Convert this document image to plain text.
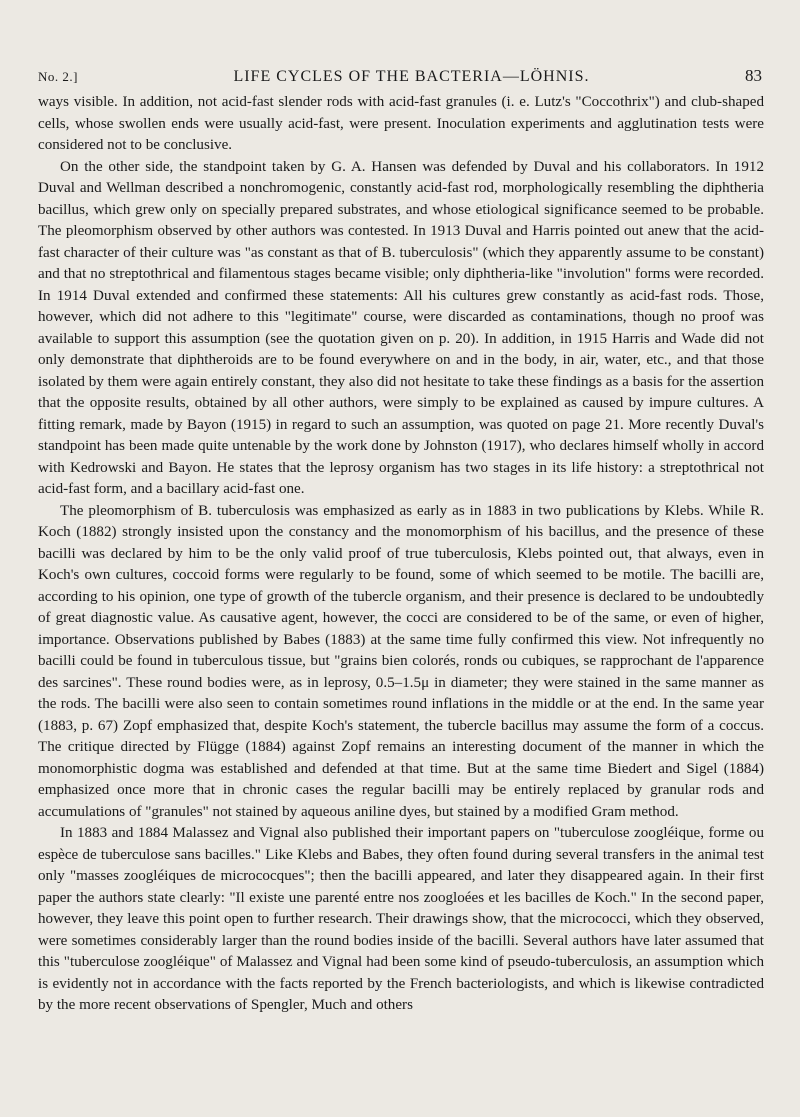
No. 2.]	LIFE CYCLES OF THE BACTERIA—LÖHNIS.	83

ways visible. In addition, not acid-fast slender rods with acid-fast granules (i. e. Lutz's "Coccothrix") and club-shaped cells, whose swollen ends were usually acid-fast, were present. Inoculation experiments and agglutination tests were considered not to be conclusive.

On the other side, the standpoint taken by G. A. Hansen was defended by Duval and his collaborators. In 1912 Duval and Wellman described a nonchromogenic, constantly acid-fast rod, morphologically resembling the diphtheria bacillus, which grew only on specially prepared substrates, and whose etiological significance seemed to be probable. The pleomorphism observed by other authors was contested. In 1913 Duval and Harris pointed out anew that the acid-fast character of their culture was "as constant as that of B. tuberculosis" (which they apparently assume to be constant) and that no streptothrical and filamentous stages became visible; only diphtheria-like "involution" forms were recorded. In 1914 Duval extended and confirmed these statements: All his cultures grew constantly as acid-fast rods. Those, however, which did not adhere to this "legitimate" course, were discarded as contaminations, though no proof was available to support this assumption (see the quotation given on p. 20). In addition, in 1915 Harris and Wade did not only demonstrate that diphtheroids are to be found everywhere on and in the body, in air, water, etc., and that those isolated by them were again entirely constant, they also did not hesitate to take these findings as a basis for the assertion that the opposite results, obtained by all other authors, were simply to be explained as caused by impure cultures. A fitting remark, made by Bayon (1915) in regard to such an assumption, was quoted on page 21. More recently Duval's standpoint has been made quite untenable by the work done by Johnston (1917), who declares himself wholly in accord with Kedrowski and Bayon. He states that the leprosy organism has two stages in its life history: a streptothrical not acid-fast form, and a bacillary acid-fast one.

The pleomorphism of B. tuberculosis was emphasized as early as in 1883 in two publications by Klebs. While R. Koch (1882) strongly insisted upon the constancy and the monomorphism of his bacillus, and the presence of these bacilli was declared by him to be the only valid proof of true tuberculosis, Klebs pointed out, that always, even in Koch's own cultures, coccoid forms were regularly to be found, some of which seemed to be motile. The bacilli are, according to his opinion, one type of growth of the tubercle organism, and their presence is declared to be undoubtedly of great diagnostic value. As causative agent, however, the cocci are considered to be of the same, or even of higher, importance. Observations published by Babes (1883) at the same time fully confirmed this view. Not infrequently no bacilli could be found in tuberculous tissue, but "grains bien colorés, ronds ou cubiques, se rapprochant de l'apparence des sarcines". These round bodies were, as in leprosy, 0.5–1.5μ in diameter; they were stained in the same manner as the rods. The bacilli were also seen to contain sometimes round inflations in the middle or at the end. In the same year (1883, p. 67) Zopf emphasized that, despite Koch's statement, the tubercle bacillus may assume the form of a coccus. The critique directed by Flügge (1884) against Zopf remains an interesting document of the manner in which the monomorphistic dogma was established and defended at that time. But at the same time Biedert and Sigel (1884) emphasized once more that in chronic cases the regular bacilli may be entirely replaced by granular rods and accumulations of "granules" not stained by aqueous aniline dyes, but stained by a modified Gram method.

In 1883 and 1884 Malassez and Vignal also published their important papers on "tuberculose zoogléique, forme ou espèce de tuberculose sans bacilles." Like Klebs and Babes, they often found during several transfers in the animal test only "masses zoogléiques de micrococques"; then the bacilli appeared, and later they disappeared again. In their first paper the authors state clearly: "Il existe une parenté entre nos zoogloées et les bacilles de Koch." In the second paper, however, they leave this point open to further research. Their drawings show, that the micrococci, which they observed, were sometimes considerably larger than the round bodies inside of the bacilli. Several authors have later assumed that this "tuberculose zoogléique" of Malassez and Vignal had been some kind of pseudo-tuberculosis, an assumption which is evidently not in accordance with the facts reported by the French bacteriologists, and which is likewise contradicted by the more recent observations of Spengler, Much and others
